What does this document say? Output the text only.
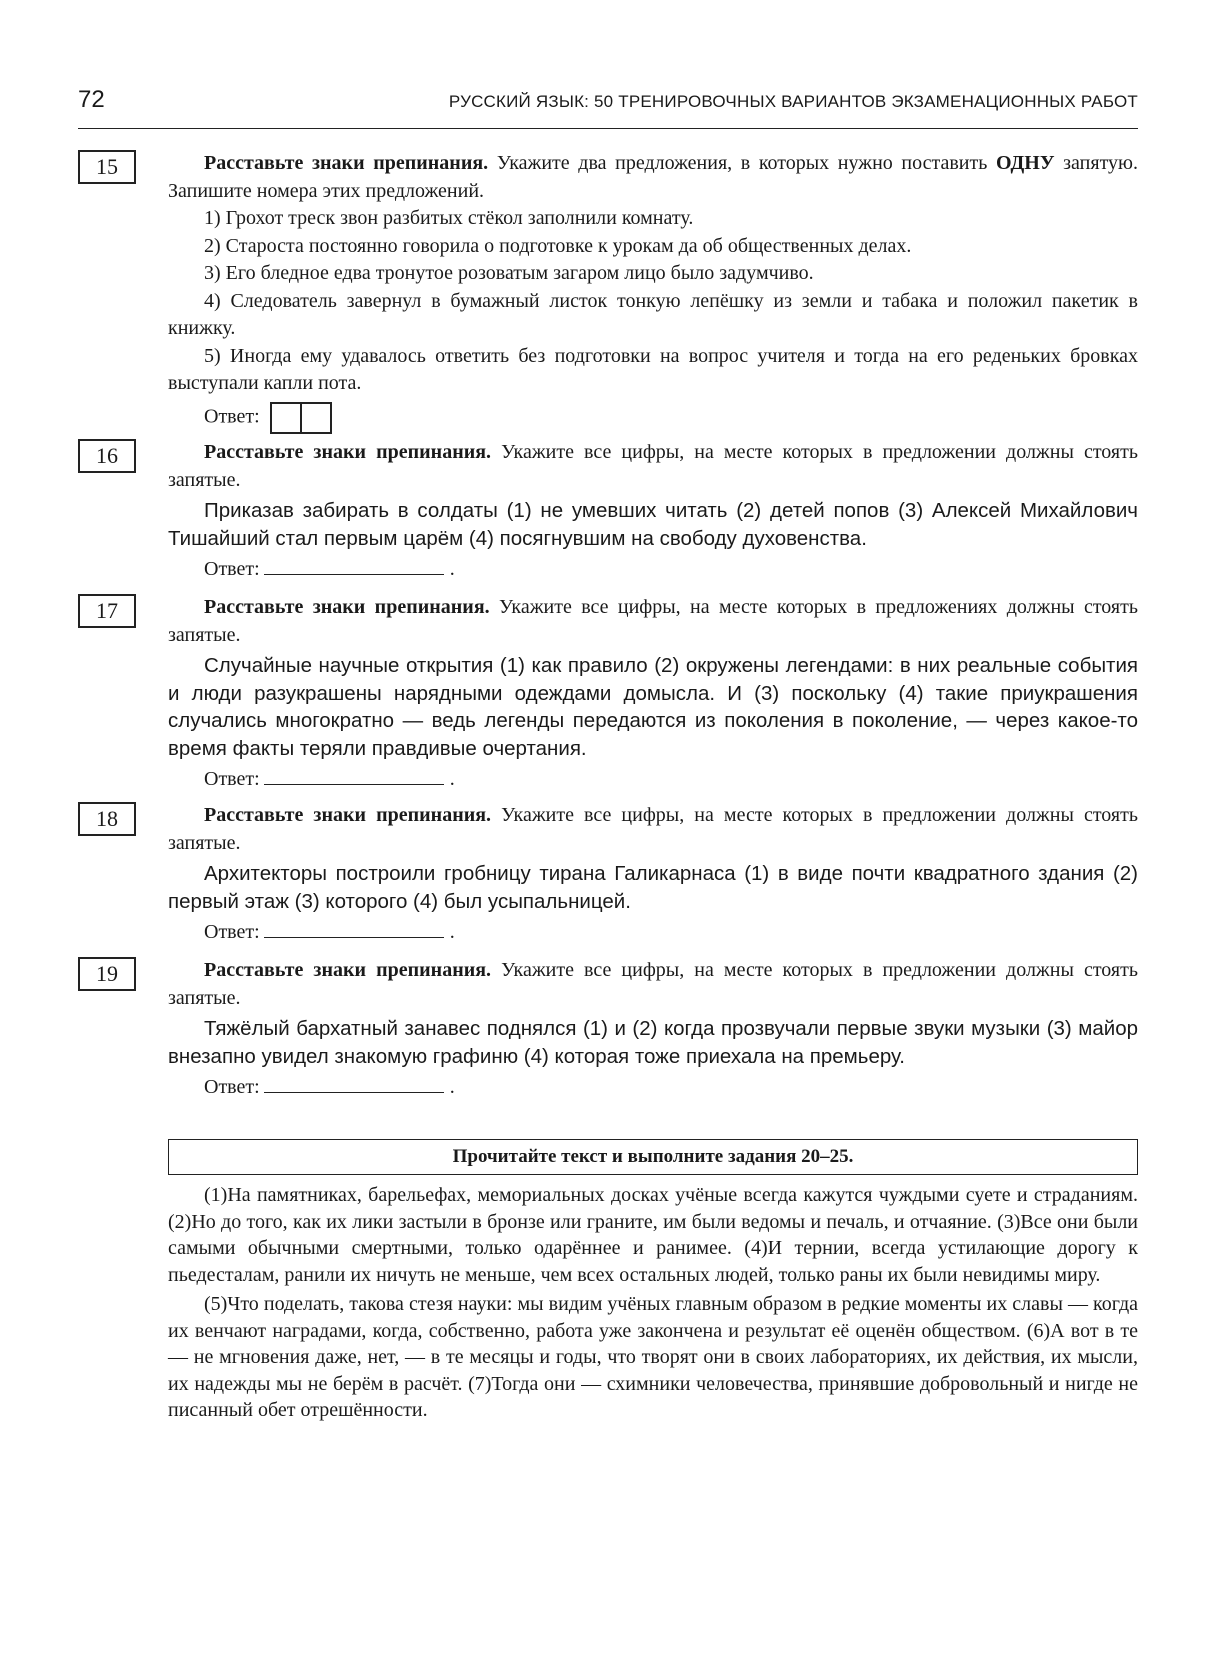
72	РУССКИЙ ЯЗЫК: 50 ТРЕНИРОВОЧНЫХ ВАРИАНТОВ ЭКЗАМЕНАЦИОННЫХ РАБОТ
15	Расставьте знаки препинания. Укажите два предложения, в которых нужно поставить ОДНУ запятую. Запишите номера этих предложений.

1) Грохот треск звон разбитых стёкол заполнили комнату.

2) Староста постоянно говорила о подготовке к урокам да об общественных делах.

3) Его бледное едва тронутое розоватым загаром лицо было задумчиво.

4) Следователь завернул в бумажный листок тонкую лепёшку из земли и табака и положил пакетик в книжку.

5) Иногда ему удавалось ответить без подготовки на вопрос учителя и тогда на его реденьких бровках выступали капли пота.

Ответ:
16	Расставьте знаки препинания. Укажите все цифры, на месте которых в предложении должны стоять запятые.

Приказав забирать в солдаты (1) не умевших читать (2) детей попов (3) Алексей Михайлович Тишайший стал первым царём (4) посягнувшим на свободу духовенства.

Ответ:	.
17	Расставьте знаки препинания. Укажите все цифры, на месте которых в предложениях должны стоять запятые.

Случайные научные открытия (1) как правило (2) окружены легендами: в них реальные события и люди разукрашены нарядными одеждами домысла. И (3) поскольку (4) такие приукрашения случались многократно — ведь легенды передаются из поколения в поколение, — через какое-то время факты теряли правдивые очертания.

Ответ:	.
18	Расставьте знаки препинания. Укажите все цифры, на месте которых в предложении должны стоять запятые.

Архитекторы построили гробницу тирана Галикарнаса (1) в виде почти квадратного здания (2) первый этаж (3) которого (4) был усыпальницей.

Ответ:	.
19	Расставьте знаки препинания. Укажите все цифры, на месте которых в предложении должны стоять запятые.

Тяжёлый бархатный занавес поднялся (1) и (2) когда прозвучали первые звуки музыки (3) майор внезапно увидел знакомую графиню (4) которая тоже приехала на премьеру.

Ответ:	.
Прочитайте текст и выполните задания 20–25.

(1)На памятниках, барельефах, мемориальных досках учёные всегда кажутся чуждыми суете и страданиям. (2)Но до того, как их лики застыли в бронзе или граните, им были ведомы и печаль, и отчаяние. (3)Все они были самыми обычными смертными, только одарённее и ранимее. (4)И тернии, всегда устилающие дорогу к пьедесталам, ранили их ничуть не меньше, чем всех остальных людей, только раны их были невидимы миру.

(5)Что поделать, такова стезя науки: мы видим учёных главным образом в редкие моменты их славы — когда их венчают наградами, когда, собственно, работа уже закончена и результат её оценён обществом. (6)А вот в те — не мгновения даже, нет, — в те месяцы и годы, что творят они в своих лабораториях, их действия, их мысли, их надежды мы не берём в расчёт. (7)Тогда они — схимники человечества, принявшие добровольный и нигде не писанный обет отрешённости.
